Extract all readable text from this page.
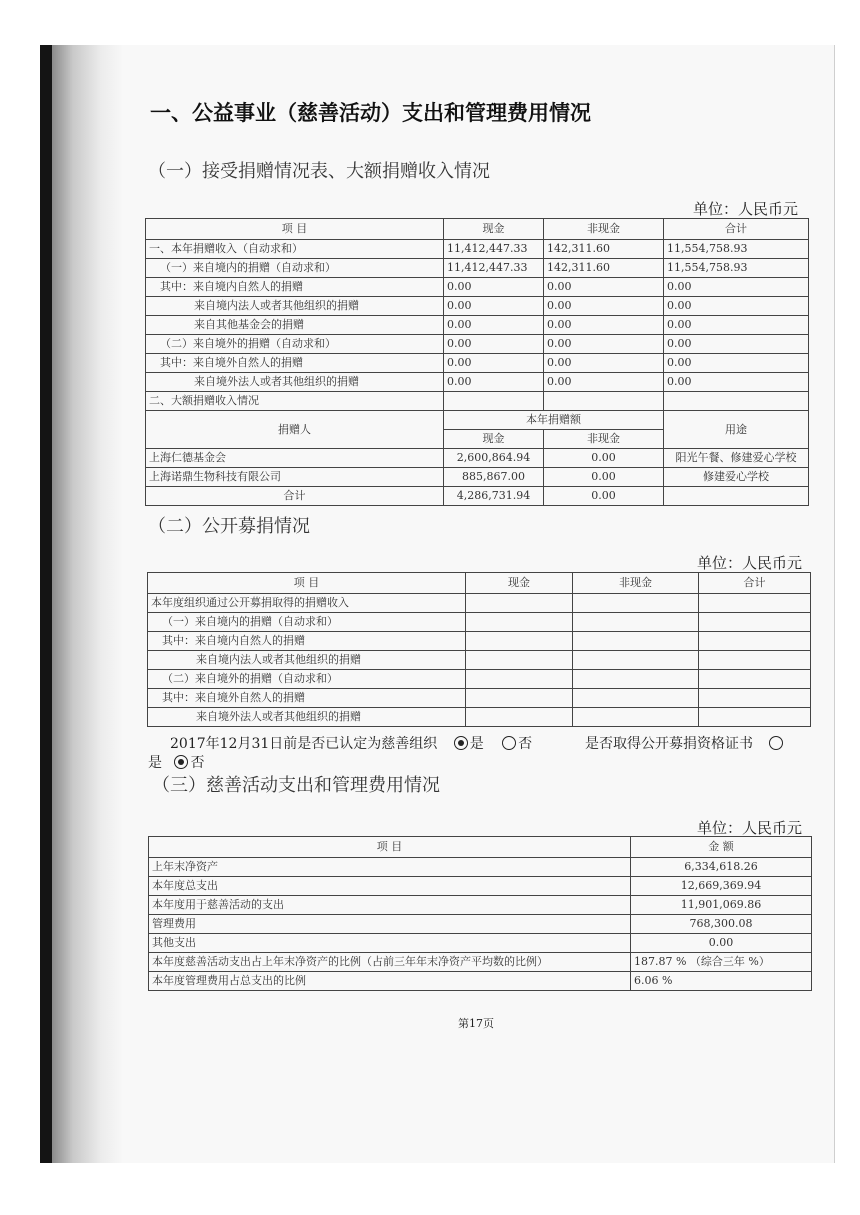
一、公益事业（慈善活动）支出和管理费用情况
（一）接受捐赠情况表、大额捐赠收入情况
单位：人民币元
项 目	现金	非现金	合计
一、本年捐赠收入（自动求和）	11,412,447.33	142,311.60	11,554,758.93
（一）来自境内的捐赠（自动求和）	11,412,447.33	142,311.60	11,554,758.93
其中：来自境内自然人的捐赠	0.00	0.00	0.00
来自境内法人或者其他组织的捐赠	0.00	0.00	0.00
来自其他基金会的捐赠	0.00	0.00	0.00
（二）来自境外的捐赠（自动求和）	0.00	0.00	0.00
其中：来自境外自然人的捐赠	0.00	0.00	0.00
来自境外法人或者其他组织的捐赠	0.00	0.00	0.00
二、大额捐赠收入情况			
捐赠人	本年捐赠额		用途
	现金	非现金	
上海仁德基金会	2,600,864.94	0.00	阳光午餐、修建爱心学校
上海诺鼎生物科技有限公司	885,867.00	0.00	修建爱心学校
合计	4,286,731.94	0.00	
（二）公开募捐情况
单位：人民币元
项 目	现金	非现金	合计
本年度组织通过公开募捐取得的捐赠收入			
（一）来自境内的捐赠（自动求和）			
其中：来自境内自然人的捐赠			
来自境内法人或者其他组织的捐赠			
（二）来自境外的捐赠（自动求和）			
其中：来自境外自然人的捐赠			
来自境外法人或者其他组织的捐赠			
2017年12月31日前是否已认定为慈善组织 是 否	是否取得公开募捐资格证书
是 否
（三）慈善活动支出和管理费用情况
单位：人民币元
项 目	金 额
上年末净资产	6,334,618.26
本年度总支出	12,669,369.94
本年度用于慈善活动的支出	11,901,069.86
管理费用	768,300.08
其他支出	0.00
本年度慈善活动支出占上年末净资产的比例（占前三年年末净资产平均数的比例）	187.87 % （综合三年 %）
本年度管理费用占总支出的比例	6.06 %
第17页
